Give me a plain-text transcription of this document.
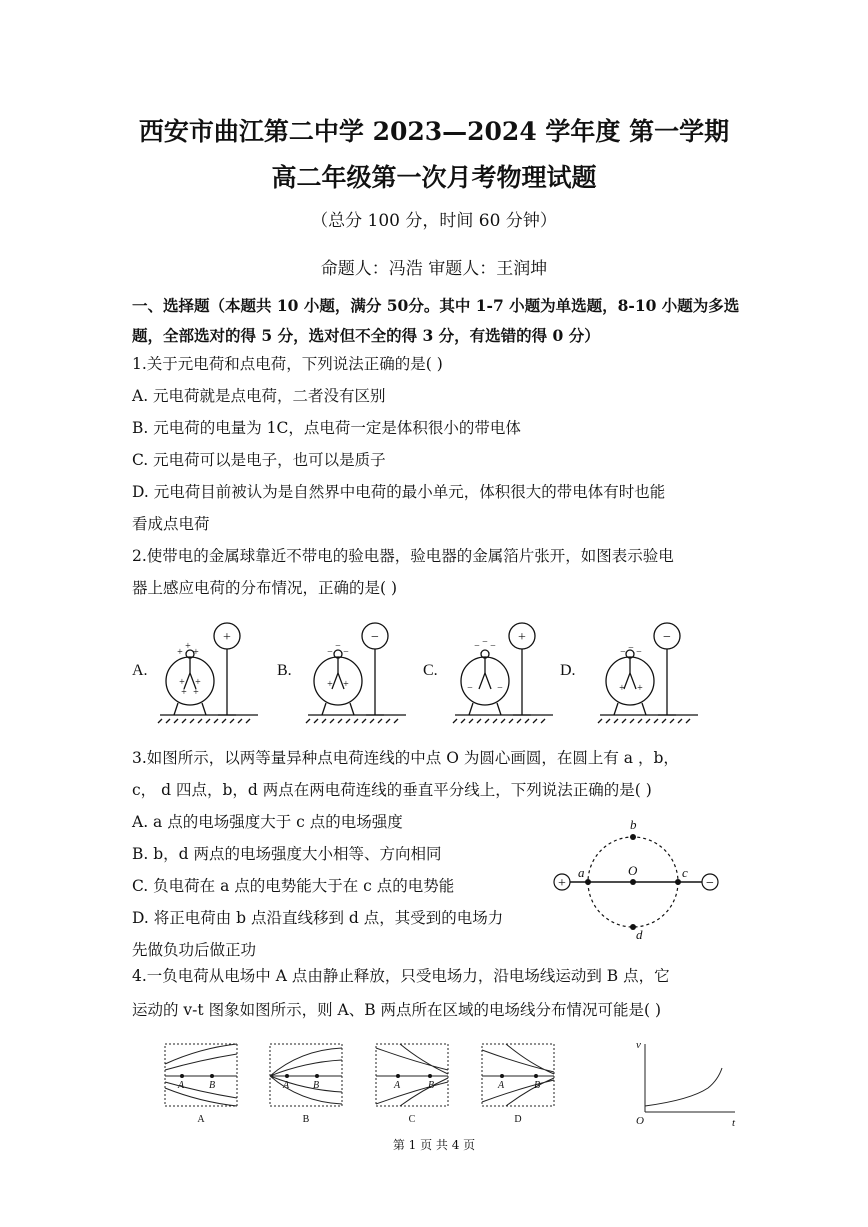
西安市曲江第二中学 2023—2024 学年度 第一学期
高二年级第一次月考物理试题
（总分 100 分，时间 60 分钟）
命题人：冯浩 审题人：王润坤
一、选择题（本题共 10 小题，满分 50分。其中 1-7 小题为单选题，8-10 小题为多选
题，全部选对的得 5 分，选对但不全的得 3 分，有选错的得 0 分）
1.关于元电荷和点电荷，下列说法正确的是( )
A. 元电荷就是点电荷，二者没有区别
B. 元电荷的电量为 1C，点电荷一定是体积很小的带电体
C. 元电荷可以是电子，也可以是质子
D. 元电荷目前被认为是自然界中电荷的最小单元，体积很大的带电体有时也能
看成点电荷
2.使带电的金属球靠近不带电的验电器，验电器的金属箔片张开，如图表示验电
器上感应电荷的分布情况，正确的是( )
A.	B.	C.	D.
+	−	+	−
+
+
+
+ +
+ +
−
−
−
+ +
− − −
− −
− − −
+ +
3.如图所示，以两等量异种点电荷连线的中点 O 为圆心画圆，在圆上有 a ，b，
c， d 四点，b，d 两点在两电荷连线的垂直平分线上，下列说法正确的是( )
A. a 点的电场强度大于 c 点的电场强度
B. b，d 两点的电场强度大小相等、方向相同
C. 负电荷在 a 点的电势能大于在 c 点的电势能
D. 将正电荷由 b 点沿直线移到 d 点，其受到的电场力
先做负功后做正功
+	−
a
b
c
d
O
4.一负电荷从电场中 A 点由静止释放，只受电场力，沿电场线运动到 B 点，它
运动的 v-t 图象如图所示，则 A、B 两点所在区域的电场线分布情况可能是( )
A B	A B	A	B	A	B
A	B	C	D
v
t
O
第 1 页 共 4 页
